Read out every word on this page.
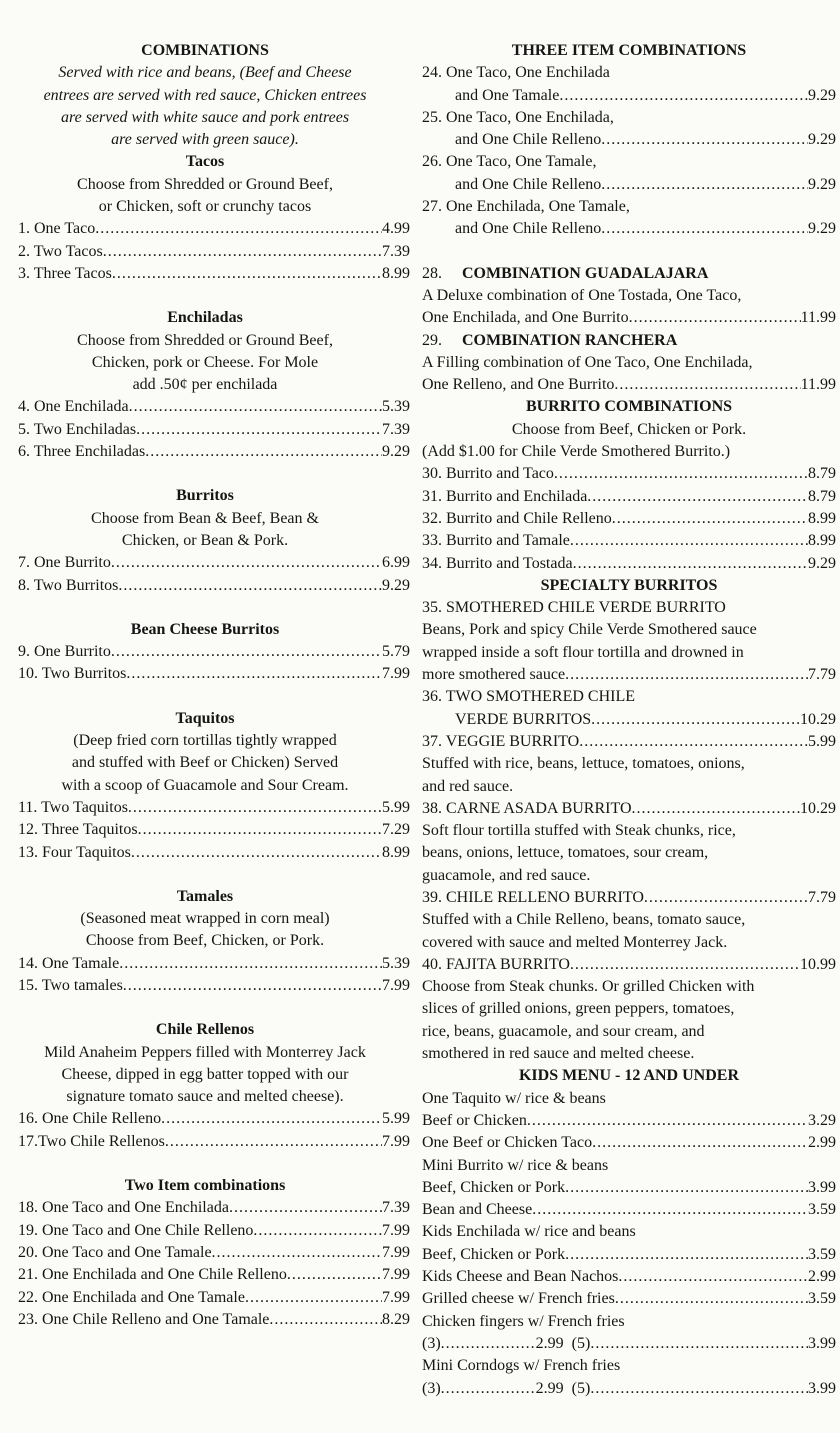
COMBINATIONS
Served with rice and beans, (Beef and Cheese
entrees are served with red sauce, Chicken entrees
are served with white sauce and pork entrees
are served with green sauce).
Tacos
Choose from Shredded or Ground Beef,
or Chicken, soft or crunchy tacos
1. One Taco .....	4.99
2. Two Tacos .....	7.39
3. Three Tacos .....	8.99
Enchiladas
Choose from Shredded or Ground Beef,
Chicken, pork or Cheese. For Mole
add .50¢ per enchilada
4. One Enchilada .....	5.39
5. Two Enchiladas .....	7.39
6. Three Enchiladas .....	9.29
Burritos
Choose from Bean & Beef, Bean &
Chicken, or Bean & Pork.
7. One Burrito .....	6.99
8. Two Burritos .....	9.29
Bean Cheese Burritos
9. One Burrito .....	5.79
10. Two Burritos .....	7.99
Taquitos
(Deep fried corn tortillas tightly wrapped
and stuffed with Beef or Chicken) Served
with a scoop of Guacamole and Sour Cream.
11. Two Taquitos .....	5.99
12. Three Taquitos .....	7.29
13. Four Taquitos .....	8.99
Tamales
(Seasoned meat wrapped in corn meal)
Choose from Beef, Chicken, or Pork.
14. One Tamale .....	5.39
15. Two tamales .....	7.99
Chile Rellenos
Mild Anaheim Peppers filled with Monterrey Jack
Cheese, dipped in egg batter topped with our
signature tomato sauce and melted cheese).
16. One Chile Relleno .....	5.99
17.Two Chile Rellenos .....	7.99
Two Item combinations
18. One Taco and One Enchilada .....	7.39
19. One Taco and One Chile Relleno .....	7.99
20. One Taco and One Tamale .....	7.99
21. One Enchilada and One Chile Relleno .....	7.99
22. One Enchilada and One Tamale .....	7.99
23. One Chile Relleno and One Tamale .....	8.29
THREE ITEM COMBINATIONS
24. One Taco, One Enchilada
and One Tamale .....	9.29
25. One Taco, One Enchilada,
and One Chile Relleno .....	9.29
26. One Taco, One Tamale,
and One Chile Relleno .....	9.29
27. One Enchilada, One Tamale,
and One Chile Relleno .....	9.29
28. COMBINATION GUADALAJARA
A Deluxe combination of One Tostada, One Taco,
One Enchilada, and One Burrito .....	11.99
29. COMBINATION RANCHERA
A Filling combination of One Taco, One Enchilada,
One Relleno, and One Burrito .....	11.99
BURRITO COMBINATIONS
Choose from Beef, Chicken or Pork.
(Add $1.00 for Chile Verde Smothered Burrito.)
30. Burrito and Taco .....	8.79
31. Burrito and Enchilada .....	8.79
32. Burrito and Chile Relleno .....	8.99
33. Burrito and Tamale .....	8.99
34. Burrito and Tostada .....	9.29
SPECIALTY BURRITOS
35. SMOTHERED CHILE VERDE BURRITO
Beans, Pork and spicy Chile Verde Smothered sauce
wrapped inside a soft flour tortilla and drowned in
more smothered sauce .....	7.79
36. TWO SMOTHERED CHILE
VERDE BURRITOS .....	10.29
37. VEGGIE BURRITO .....	5.99
Stuffed with rice, beans, lettuce, tomatoes, onions,
and red sauce.
38. CARNE ASADA BURRITO .....	10.29
Soft flour tortilla stuffed with Steak chunks, rice,
beans, onions, lettuce, tomatoes, sour cream,
guacamole, and red sauce.
39. CHILE RELLENO BURRITO .....	7.79
Stuffed with a Chile Relleno, beans, tomato sauce,
covered with sauce and melted Monterrey Jack.
40. FAJITA BURRITO .....	10.99
Choose from Steak chunks. Or grilled Chicken with
slices of grilled onions, green peppers, tomatoes,
rice, beans, guacamole, and sour cream, and
smothered in red sauce and melted cheese.
KIDS MENU - 12 AND UNDER
One Taquito w/ rice & beans
Beef or Chicken .....	3.29
One Beef or Chicken Taco .....	2.99
Mini Burrito w/ rice & beans
Beef, Chicken or Pork .....	3.99
Bean and Cheese .....	3.59
Kids Enchilada w/ rice and beans
Beef, Chicken or Pork .....	3.59
Kids Cheese and Bean Nachos .....	2.99
Grilled cheese w/ French fries .....	3.59
Chicken fingers w/ French fries
(3) .....	2.99
(5) .....	3.99
Mini Corndogs w/ French fries
(3) .....	2.99
(5) .....	3.99
